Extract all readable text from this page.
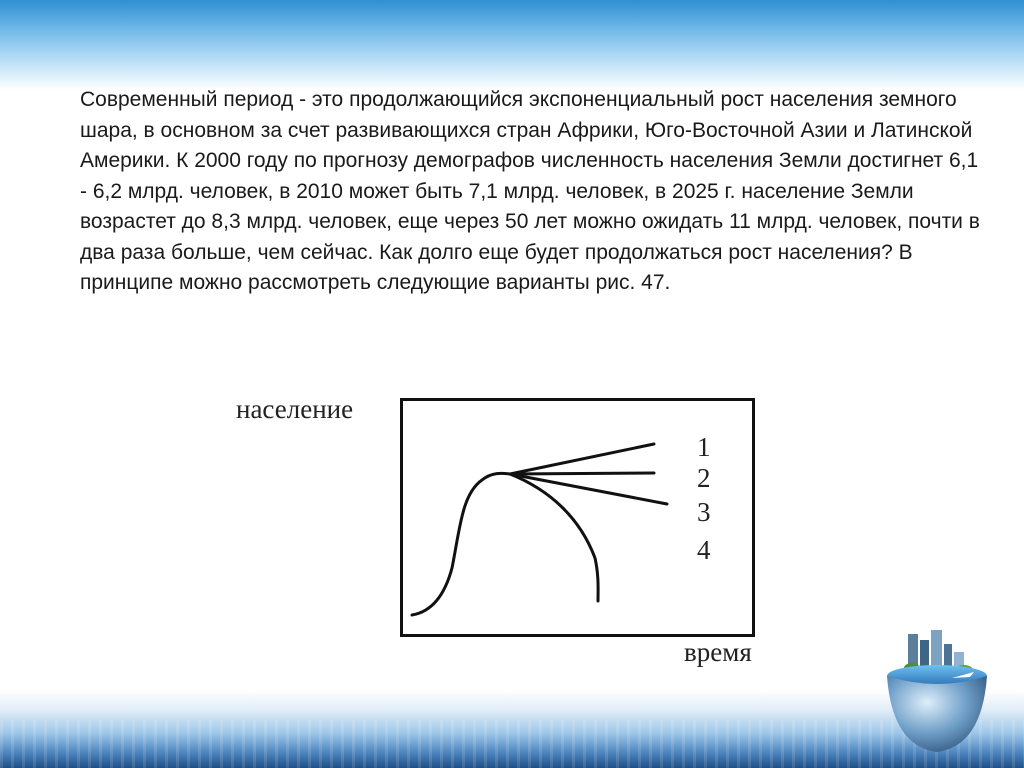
Современный период - это продолжающийся экспоненциальный рост населения земного шара, в основном за счет развивающихся стран Африки, Юго-Восточной Азии и Латинской Америки. К 2000 году по прогнозу демографов численность населения Земли достигнет 6,1 - 6,2 млрд. человек, в 2010 может быть 7,1 млрд. человек, в 2025 г. население Земли возрастет до 8,3 млрд. человек, еще через 50 лет можно ожидать 11 млрд. человек, почти в два раза больше, чем сейчас. Как долго еще будет продолжаться рост населения? В принципе можно рассмотреть следующие варианты рис. 47.

население
время
1
2
3
4
